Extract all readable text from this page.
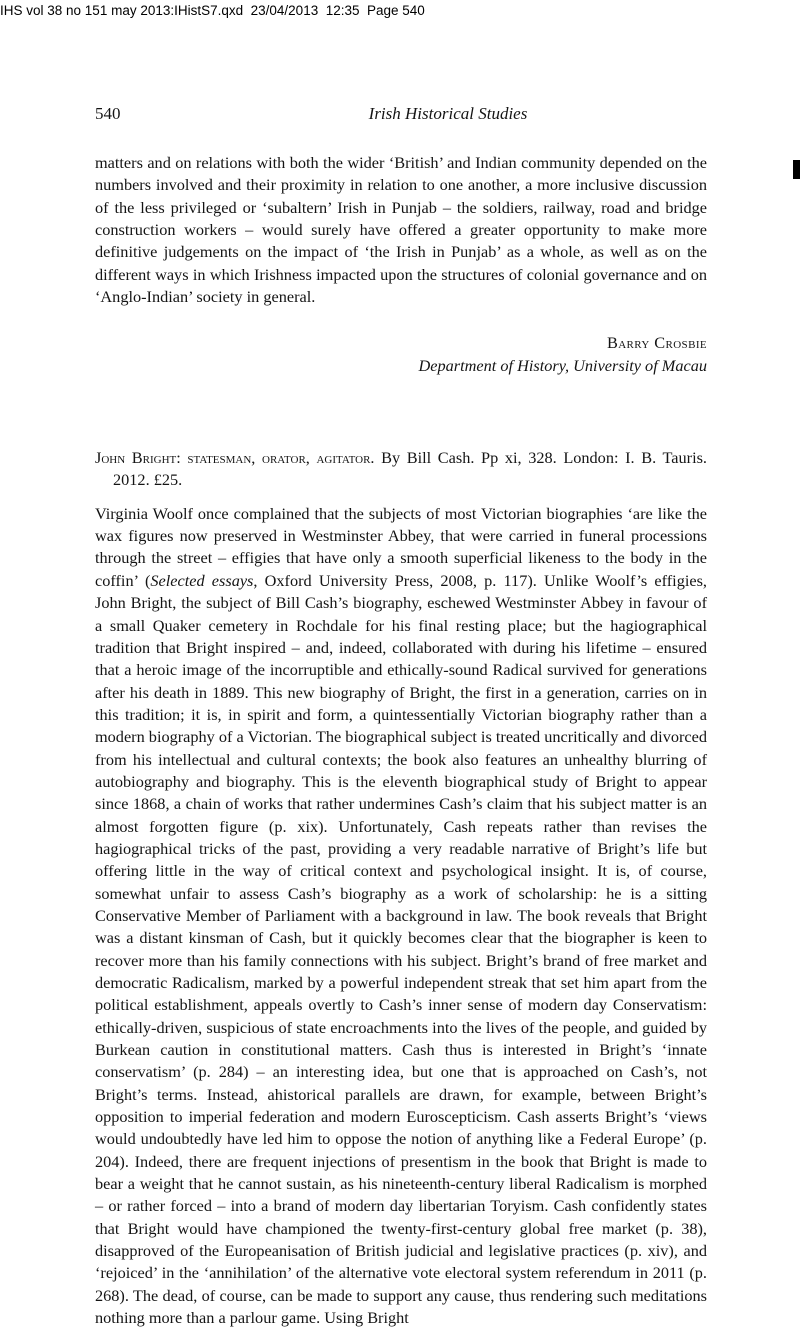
IHS vol 38 no 151 may 2013:IHistS7.qxd  23/04/2013  12:35  Page 540
540	Irish Historical Studies

matters and on relations with both the wider ‘British’ and Indian community depended on the numbers involved and their proximity in relation to one another, a more inclusive discussion of the less privileged or ‘subaltern’ Irish in Punjab – the soldiers, railway, road and bridge construction workers – would surely have offered a greater opportunity to make more definitive judgements on the impact of ‘the Irish in Punjab’ as a whole, as well as on the different ways in which Irishness impacted upon the structures of colonial governance and on ‘Anglo-Indian’ society in general.

Barry Crosbie
Department of History, University of Macau

John Bright: statesman, orator, agitator. By Bill Cash. Pp xi, 328. London: I. B. Tauris. 2012. £25.

Virginia Woolf once complained that the subjects of most Victorian biographies ‘are like the wax figures now preserved in Westminster Abbey, that were carried in funeral processions through the street – effigies that have only a smooth superficial likeness to the body in the coffin’ (Selected essays, Oxford University Press, 2008, p. 117). Unlike Woolf’s effigies, John Bright, the subject of Bill Cash’s biography, eschewed Westminster Abbey in favour of a small Quaker cemetery in Rochdale for his final resting place; but the hagiographical tradition that Bright inspired – and, indeed, collaborated with during his lifetime – ensured that a heroic image of the incorruptible and ethically-sound Radical survived for generations after his death in 1889. This new biography of Bright, the first in a generation, carries on in this tradition; it is, in spirit and form, a quintessentially Victorian biography rather than a modern biography of a Victorian. The biographical subject is treated uncritically and divorced from his intellectual and cultural contexts; the book also features an unhealthy blurring of autobiography and biography. This is the eleventh biographical study of Bright to appear since 1868, a chain of works that rather undermines Cash’s claim that his subject matter is an almost forgotten figure (p. xix). Unfortunately, Cash repeats rather than revises the hagiographical tricks of the past, providing a very readable narrative of Bright’s life but offering little in the way of critical context and psychological insight. It is, of course, somewhat unfair to assess Cash’s biography as a work of scholarship: he is a sitting Conservative Member of Parliament with a background in law. The book reveals that Bright was a distant kinsman of Cash, but it quickly becomes clear that the biographer is keen to recover more than his family connections with his subject. Bright’s brand of free market and democratic Radicalism, marked by a powerful independent streak that set him apart from the political establishment, appeals overtly to Cash’s inner sense of modern day Conservatism: ethically-driven, suspicious of state encroachments into the lives of the people, and guided by Burkean caution in constitutional matters. Cash thus is interested in Bright’s ‘innate conservatism’ (p. 284) – an interesting idea, but one that is approached on Cash’s, not Bright’s terms. Instead, ahistorical parallels are drawn, for example, between Bright’s opposition to imperial federation and modern Euroscepticism. Cash asserts Bright’s ‘views would undoubtedly have led him to oppose the notion of anything like a Federal Europe’ (p. 204). Indeed, there are frequent injections of presentism in the book that Bright is made to bear a weight that he cannot sustain, as his nineteenth-century liberal Radicalism is morphed – or rather forced – into a brand of modern day libertarian Toryism. Cash confidently states that Bright would have championed the twenty-first-century global free market (p. 38), disapproved of the Europeanisation of British judicial and legislative practices (p. xiv), and ‘rejoiced’ in the ‘annihilation’ of the alternative vote electoral system referendum in 2011 (p. 268). The dead, of course, can be made to support any cause, thus rendering such meditations nothing more than a parlour game. Using Bright
